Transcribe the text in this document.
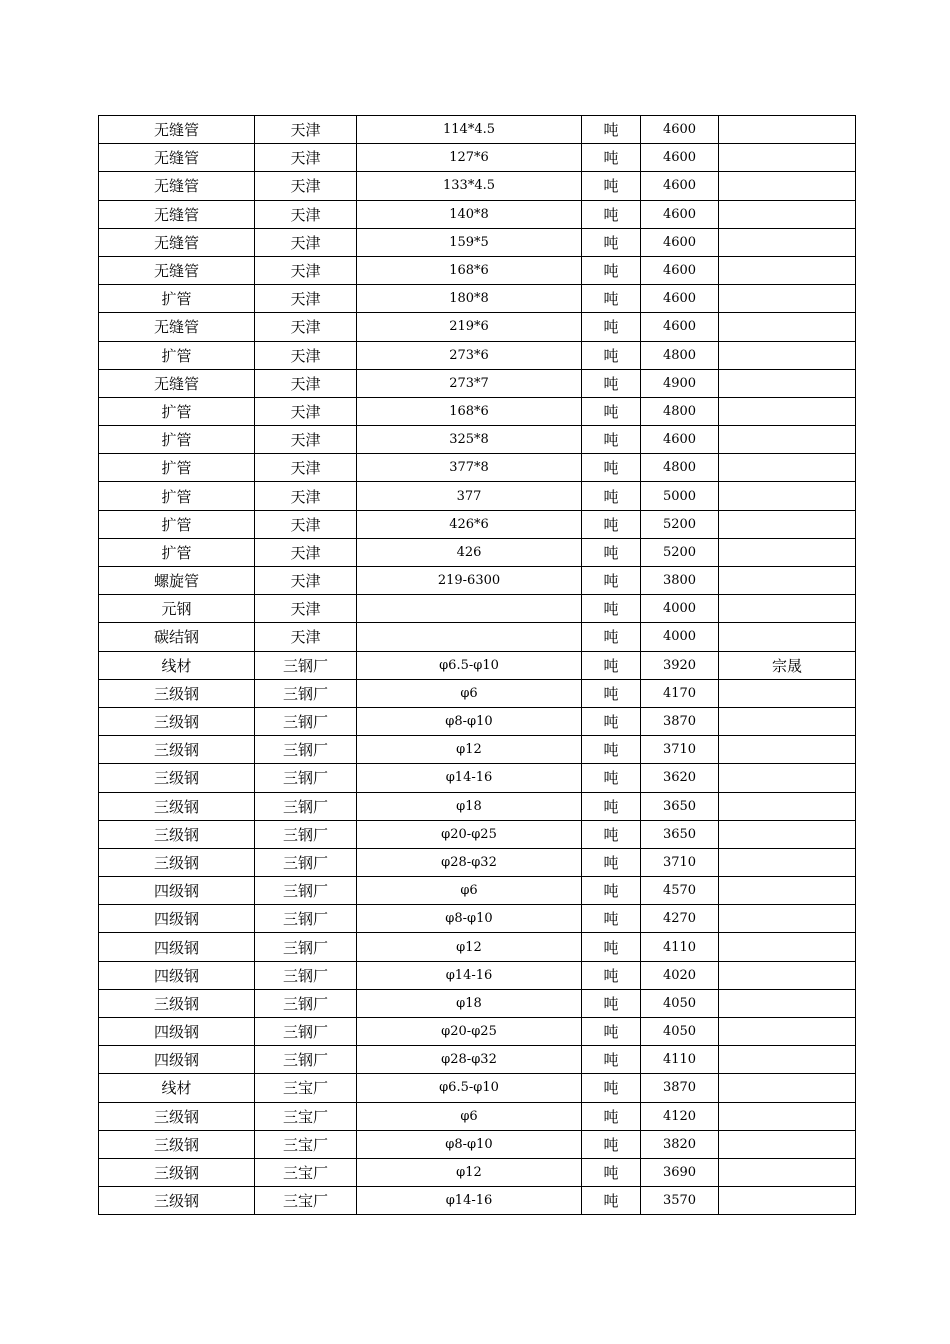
无缝管	天津	114*4.5	吨	4600	
无缝管	天津	127*6	吨	4600	
无缝管	天津	133*4.5	吨	4600	
无缝管	天津	140*8	吨	4600	
无缝管	天津	159*5	吨	4600	
无缝管	天津	168*6	吨	4600	
扩管	天津	180*8	吨	4600	
无缝管	天津	219*6	吨	4600	
扩管	天津	273*6	吨	4800	
无缝管	天津	273*7	吨	4900	
扩管	天津	168*6	吨	4800	
扩管	天津	325*8	吨	4600	
扩管	天津	377*8	吨	4800	
扩管	天津	377	吨	5000	
扩管	天津	426*6	吨	5200	
扩管	天津	426	吨	5200	
螺旋管	天津	219-6300	吨	3800	
元钢	天津		吨	4000	
碳结钢	天津		吨	4000	
线材	三钢厂	φ6.5-φ10	吨	3920	宗晟
三级钢	三钢厂	φ6	吨	4170	
三级钢	三钢厂	φ8-φ10	吨	3870	
三级钢	三钢厂	φ12	吨	3710	
三级钢	三钢厂	φ14-16	吨	3620	
三级钢	三钢厂	φ18	吨	3650	
三级钢	三钢厂	φ20-φ25	吨	3650	
三级钢	三钢厂	φ28-φ32	吨	3710	
四级钢	三钢厂	φ6	吨	4570	
四级钢	三钢厂	φ8-φ10	吨	4270	
四级钢	三钢厂	φ12	吨	4110	
四级钢	三钢厂	φ14-16	吨	4020	
三级钢	三钢厂	φ18	吨	4050	
四级钢	三钢厂	φ20-φ25	吨	4050	
四级钢	三钢厂	φ28-φ32	吨	4110	
线材	三宝厂	φ6.5-φ10	吨	3870	
三级钢	三宝厂	φ6	吨	4120	
三级钢	三宝厂	φ8-φ10	吨	3820	
三级钢	三宝厂	φ12	吨	3690	
三级钢	三宝厂	φ14-16	吨	3570	
